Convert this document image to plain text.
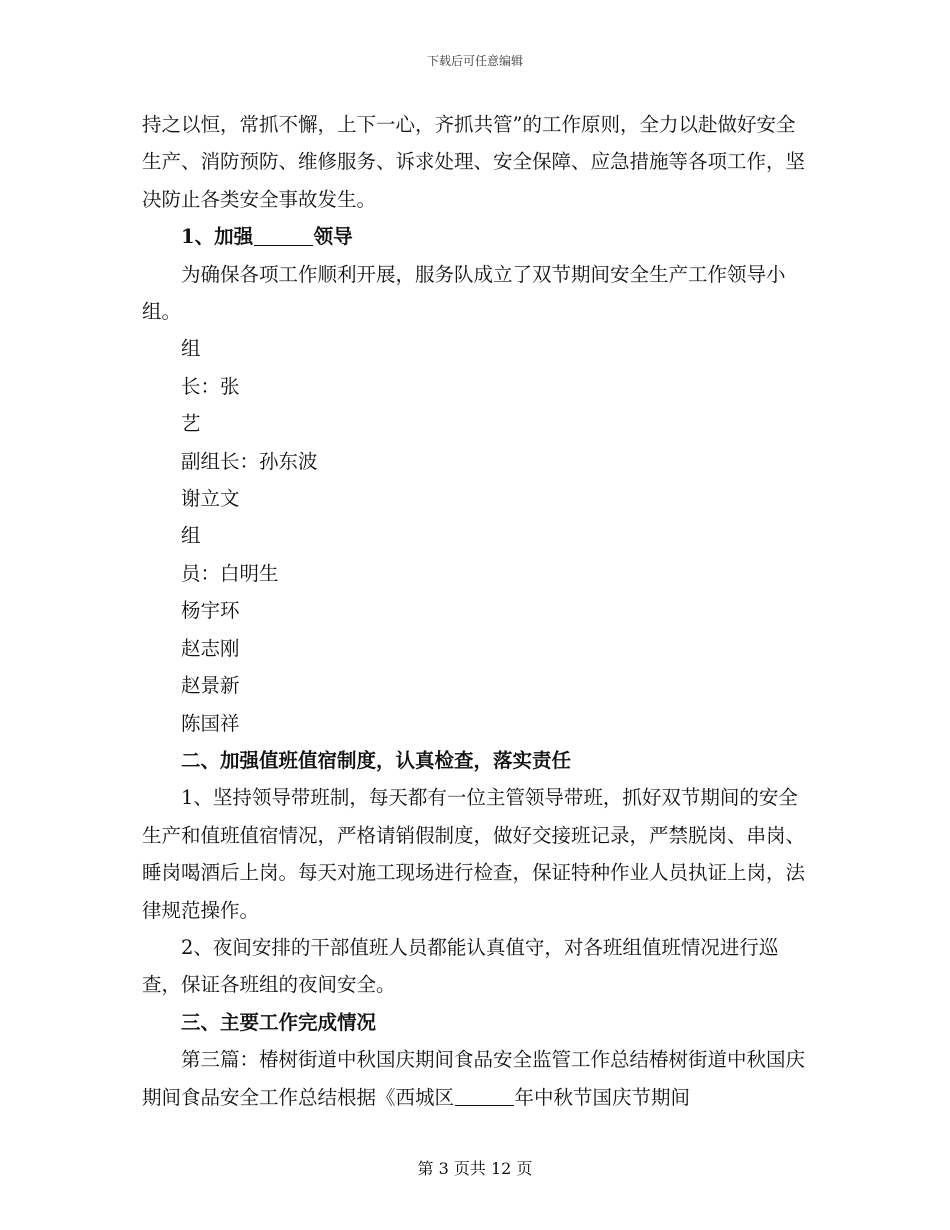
下载后可任意编辑

持之以恒，常抓不懈，上下一心，齐抓共管”的工作原则，全力以赴做好安全生产、消防预防、维修服务、诉求处理、安全保障、应急措施等各项工作，坚决防止各类安全事故发生。

1、加强	领导

为确保各项工作顺利开展，服务队成立了双节期间安全生产工作领导小组。

组

长：张

艺

副组长：孙东波

谢立文

组

员：白明生

杨宇环

赵志刚

赵景新

陈国祥

二、加强值班值宿制度，认真检查，落实责任

1、坚持领导带班制，每天都有一位主管领导带班，抓好双节期间的安全生产和值班值宿情况，严格请销假制度，做好交接班记录，严禁脱岗、串岗、睡岗喝酒后上岗。每天对施工现场进行检查，保证特种作业人员执证上岗，法律规范操作。

2、夜间安排的干部值班人员都能认真值守，对各班组值班情况进行巡查，保证各班组的夜间安全。

三、主要工作完成情况

第三篇：椿树街道中秋国庆期间食品安全监管工作总结椿树街道中秋国庆期间食品安全工作总结根据《西城区	年中秋节国庆节期间

第 3 页共 12 页
